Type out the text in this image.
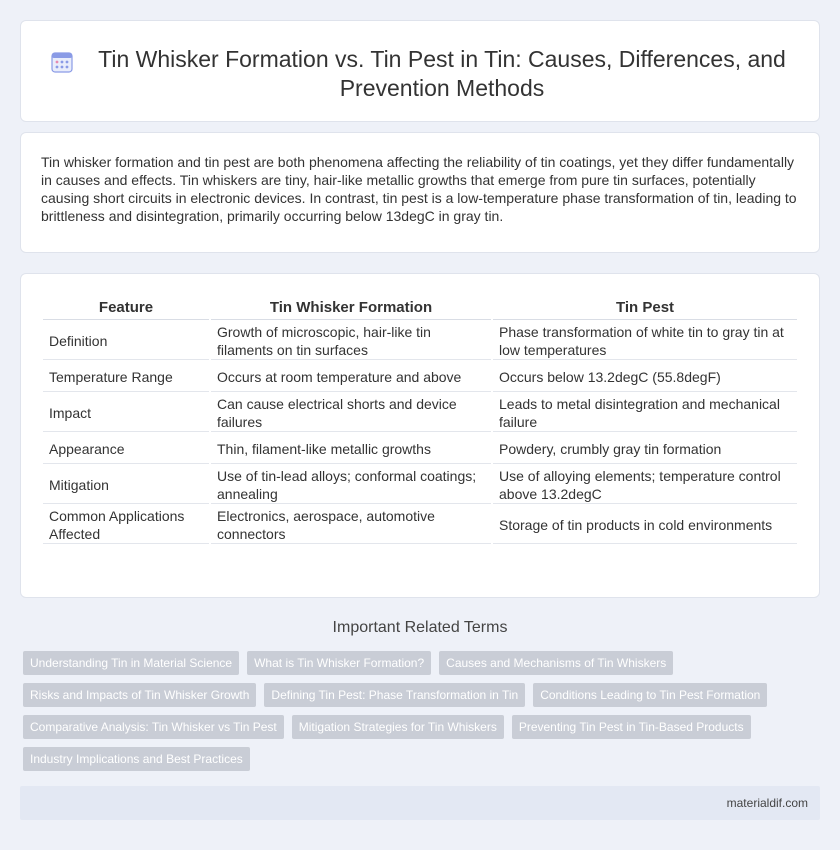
Tin Whisker Formation vs. Tin Pest in Tin: Causes, Differences, and Prevention Methods

Tin whisker formation and tin pest are both phenomena affecting the reliability of tin coatings, yet they differ fundamentally in causes and effects. Tin whiskers are tiny, hair-like metallic growths that emerge from pure tin surfaces, potentially causing short circuits in electronic devices. In contrast, tin pest is a low-temperature phase transformation of tin, leading to brittleness and disintegration, primarily occurring below 13degC in gray tin.

Feature	Tin Whisker Formation	Tin Pest
Definition	Growth of microscopic, hair-like tin filaments on tin surfaces	Phase transformation of white tin to gray tin at low temperatures
Temperature Range	Occurs at room temperature and above	Occurs below 13.2degC (55.8degF)
Impact	Can cause electrical shorts and device failures	Leads to metal disintegration and mechanical failure
Appearance	Thin, filament-like metallic growths	Powdery, crumbly gray tin formation
Mitigation	Use of tin-lead alloys; conformal coatings; annealing	Use of alloying elements; temperature control above 13.2degC
Common Applications Affected	Electronics, aerospace, automotive connectors	Storage of tin products in cold environments
Important Related Terms
Understanding Tin in Material Science	What is Tin Whisker Formation?	Causes and Mechanisms of Tin Whiskers
Risks and Impacts of Tin Whisker Growth	Defining Tin Pest: Phase Transformation in Tin	Conditions Leading to Tin Pest Formation
Comparative Analysis: Tin Whisker vs Tin Pest	Mitigation Strategies for Tin Whiskers	Preventing Tin Pest in Tin-Based Products
Industry Implications and Best Practices
materialdif.com
